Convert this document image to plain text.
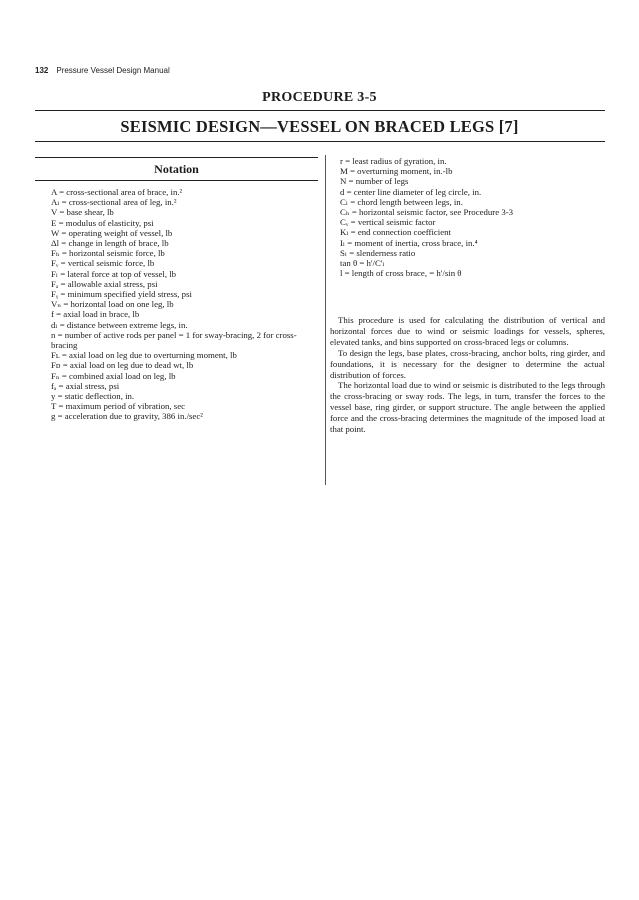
132 Pressure Vessel Design Manual
PROCEDURE 3-5
SEISMIC DESIGN—VESSEL ON BRACED LEGS [7]
Notation
A = cross-sectional area of brace, in.²
Aₗ = cross-sectional area of leg, in.²
V = base shear, lb
E = modulus of elasticity, psi
W = operating weight of vessel, lb
Δl = change in length of brace, lb
Fₕ = horizontal seismic force, lb
Fᵥ = vertical seismic force, lb
Fₗ = lateral force at top of vessel, lb
Fₐ = allowable axial stress, psi
Fᵧ = minimum specified yield stress, psi
Vₙ = horizontal load on one leg, lb
f = axial load in brace, lb
dₗ = distance between extreme legs, in.
n = number of active rods per panel = 1 for sway-bracing, 2 for cross-bracing
Fʟ = axial load on leg due to overturning moment, lb
Fᴅ = axial load on leg due to dead wt, lb
Fₙ = combined axial load on leg, lb
fₐ = axial stress, psi
y = static deflection, in.
T = maximum period of vibration, sec
g = acceleration due to gravity, 386 in./sec²
r = least radius of gyration, in.
M = overturning moment, in.-lb
N = number of legs
d = center line diameter of leg circle, in.
Cₗ = chord length between legs, in.
Cₕ = horizontal seismic factor, see Procedure 3-3
Cᵥ = vertical seismic factor
Kₗ = end connection coefficient
Iₗ = moment of inertia, cross brace, in.⁴
Sₗ = slenderness ratio
tan θ = h'/C'ₗ
l = length of cross brace, = h'/sin θ

This procedure is used for calculating the distribution of vertical and horizontal forces due to wind or seismic loadings for vessels, spheres, elevated tanks, and bins supported on cross-braced legs or columns.

To design the legs, base plates, cross-bracing, anchor bolts, ring girder, and foundations, it is necessary for the designer to determine the actual distribution of forces.

The horizontal load due to wind or seismic is distributed to the legs through the cross-bracing or sway rods. The legs, in turn, transfer the forces to the vessel base, ring girder, or support structure. The angle between the applied force and the cross-bracing determines the magnitude of the imposed load at that point.
